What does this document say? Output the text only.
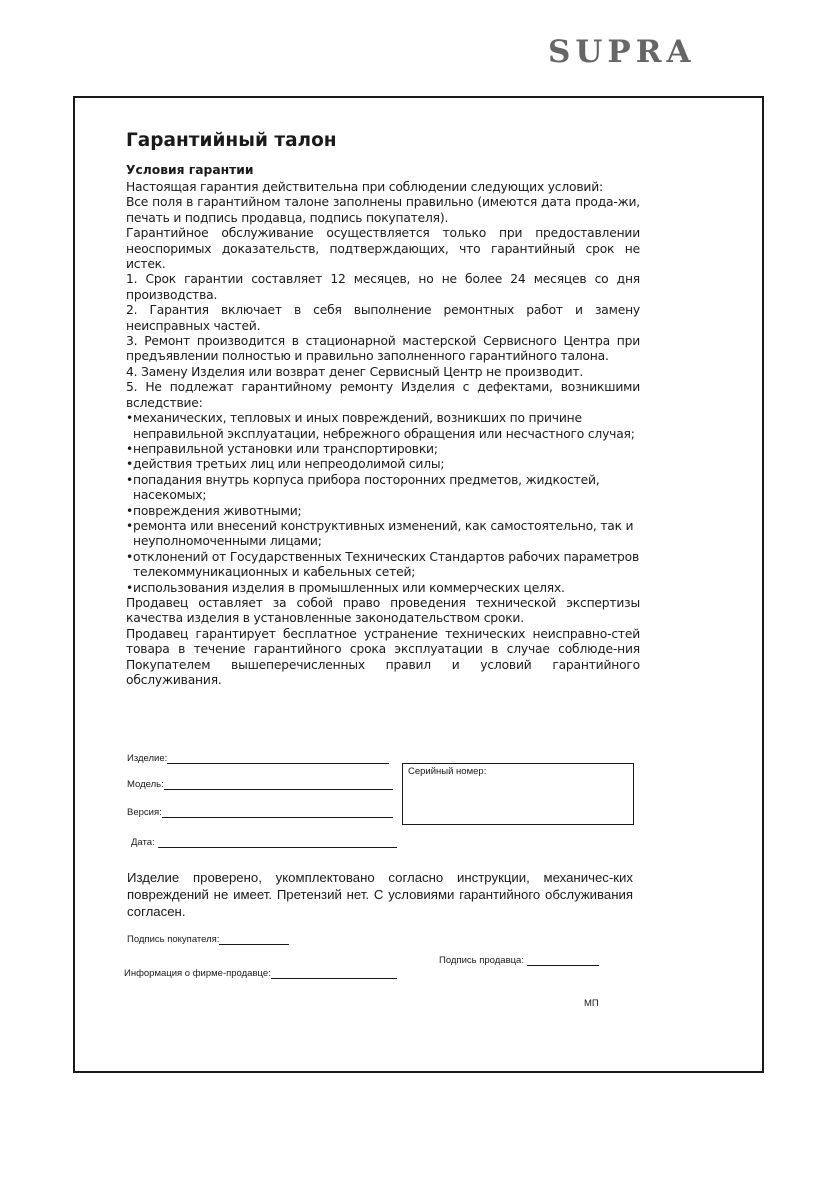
SUPRA
Гарантийный талон
Условия гарантии
Настоящая гарантия действительна при соблюдении следующих условий:
Все поля в гарантийном талоне заполнены правильно (имеются дата прода-жи, печать и подпись продавца, подпись покупателя).
Гарантийное обслуживание осуществляется только при предоставлении неоспоримых доказательств, подтверждающих, что гарантийный срок не истек.
1. Срок гарантии составляет 12 месяцев, но не более 24 месяцев со дня производства.
2. Гарантия включает в себя выполнение ремонтных работ и замену неисправных частей.
3. Ремонт производится в стационарной мастерской Сервисного Центра при предъявлении полностью и правильно заполненного гарантийного талона.
4. Замену Изделия или возврат денег Сервисный Центр не производит.
5. Не подлежат гарантийному ремонту Изделия с дефектами, возникшими вследствие:
• механических, тепловых и иных повреждений, возникших по причине неправильной эксплуатации, небрежного обращения или несчастного случая;
• неправильной установки или транспортировки;
• действия третьих лиц или непреодолимой силы;
• попадания внутрь корпуса прибора посторонних предметов, жидкостей, насекомых;
• повреждения животными;
• ремонта или внесений конструктивных изменений, как самостоятельно, так и неуполномоченными лицами;
• отклонений от Государственных Технических Стандартов рабочих параметров телекоммуникационных и кабельных сетей;
• использования изделия в промышленных или коммерческих целях.
Продавец оставляет за собой право проведения технической экспертизы качества изделия в установленные законодательством сроки.
Продавец гарантирует бесплатное устранение технических неисправно-стей товара в течение гарантийного срока эксплуатации в случае соблюде-ния Покупателем вышеперечисленных правил и условий гарантийного обслуживания.
Изделие:
Модель:
Версия:
Дата:
Серийный номер:
Изделие проверено, укомплектовано согласно инструкции, механичес-ких повреждений не имеет. Претензий нет. С условиями гарантийного обслуживания согласен.
Подпись покупателя:
Подпись продавца:
Информация о фирме-продавце:
МП
